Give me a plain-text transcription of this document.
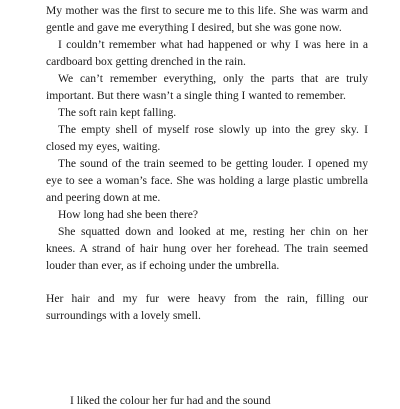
My mother was the first to secure me to this life. She was warm and gentle and gave me everything I desired, but she was gone now.

I couldn’t remember what had happened or why I was here in a cardboard box getting drenched in the rain.

We can’t remember everything, only the parts that are truly important. But there wasn’t a single thing I wanted to remember.

The soft rain kept falling.

The empty shell of myself rose slowly up into the grey sky. I closed my eyes, waiting.

The sound of the train seemed to be getting louder. I opened my eye to see a woman’s face. She was holding a large plastic umbrella and peering down at me.

How long had she been there?

She squatted down and looked at me, resting her chin on her knees. A strand of hair hung over her forehead. The train seemed louder than ever, as if echoing under the umbrella.

Her hair and my fur were heavy from the rain, filling our surroundings with a lovely smell.

I liked the colour her fur had and the sound
